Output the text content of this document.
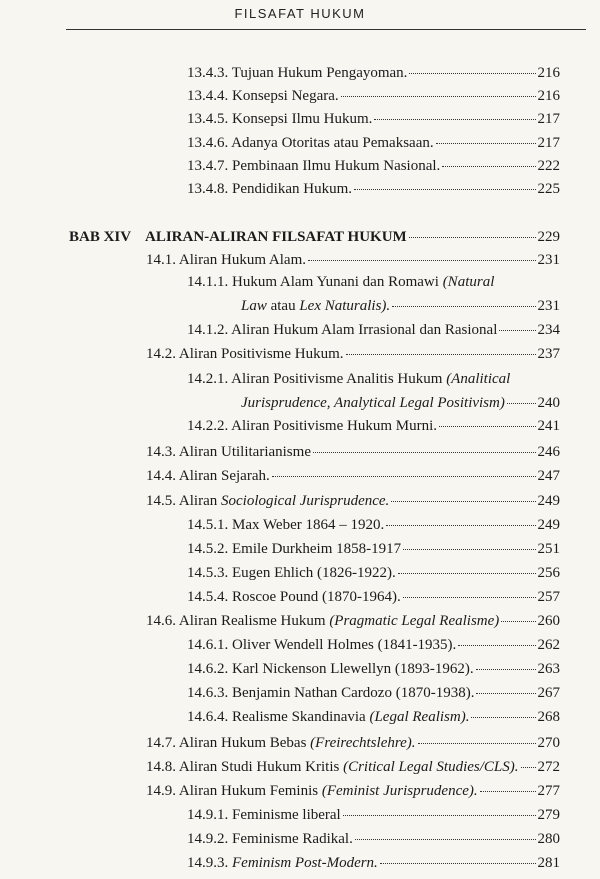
FILSAFAT HUKUM
13.4.3. Tujuan Hukum Pengayoman.	216
13.4.4. Konsepsi Negara.	216
13.4.5. Konsepsi Ilmu Hukum.	217
13.4.6. Adanya Otoritas atau Pemaksaan.	217
13.4.7. Pembinaan Ilmu Hukum Nasional.	222
13.4.8. Pendidikan Hukum.	225
BAB XIV ALIRAN-ALIRAN FILSAFAT HUKUM	229
14.1. Aliran Hukum Alam.	231
14.1.1. Hukum Alam Yunani dan Romawi (Natural
Law atau Lex Naturalis).	231
14.1.2. Aliran Hukum Alam Irrasional dan Rasional	234
14.2. Aliran Positivisme Hukum.	237
14.2.1. Aliran Positivisme Analitis Hukum (Analitical
Jurisprudence, Analytical Legal Positivism) 240
14.2.2. Aliran Positivisme Hukum Murni.	241
14.3. Aliran Utilitarianisme	246
14.4. Aliran Sejarah.	247
14.5. Aliran Sociological Jurisprudence.	249
14.5.1. Max Weber 1864 – 1920.	249
14.5.2. Emile Durkheim 1858-1917	251
14.5.3. Eugen Ehlich (1826-1922).	256
14.5.4. Roscoe Pound (1870-1964).	257
14.6. Aliran Realisme Hukum (Pragmatic Legal Realisme)	260
14.6.1. Oliver Wendell Holmes (1841-1935).	262
14.6.2. Karl Nickenson Llewellyn (1893-1962).	263
14.6.3. Benjamin Nathan Cardozo (1870-1938).	267
14.6.4. Realisme Skandinavia (Legal Realism).	268
14.7. Aliran Hukum Bebas (Freirechtslehre).	270
14.8. Aliran Studi Hukum Kritis (Critical Legal Studies/CLS). 272
14.9. Aliran Hukum Feminis (Feminist Jurisprudence).	277
14.9.1. Feminisme liberal	279
14.9.2. Feminisme Radikal.	280
14.9.3. Feminism Post-Modern.	281
